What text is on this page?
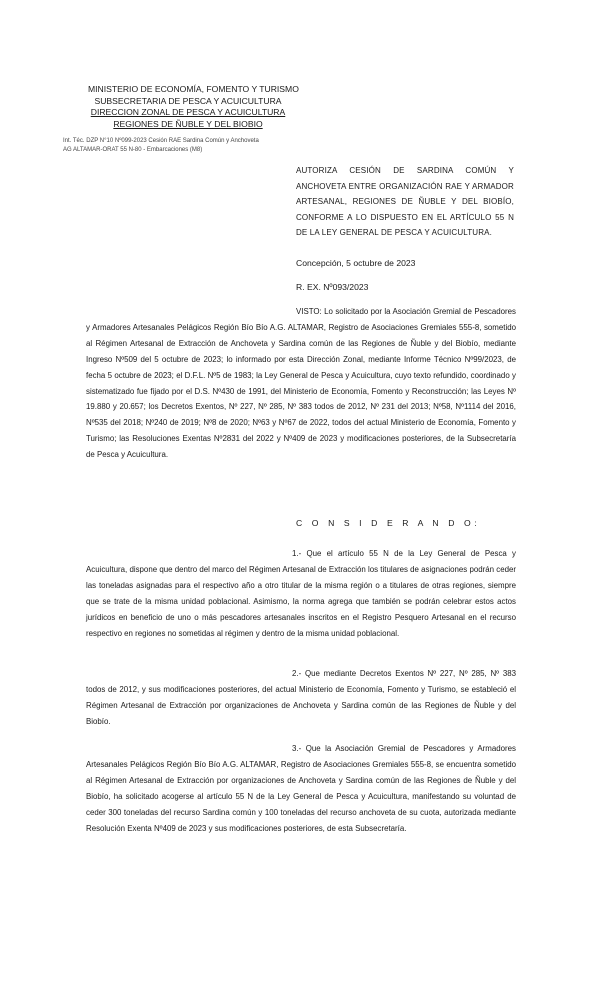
MINISTERIO DE ECONOMÍA, FOMENTO Y TURISMO
SUBSECRETARIA DE PESCA Y ACUICULTURA
DIRECCION ZONAL DE PESCA Y ACUICULTURA
REGIONES DE ÑUBLE Y DEL BIOBIO
Int. Téc. DZP N°10 Nº099-2023 Cesión RAE Sardina Común y Anchoveta
AG ALTAMAR-ORAT 55 N-80 - Embarcaciones (M8)
AUTORIZA CESIÓN DE SARDINA COMÚN Y ANCHOVETA ENTRE ORGANIZACIÓN RAE Y ARMADOR ARTESANAL, REGIONES DE ÑUBLE Y DEL BIOBÍO, CONFORME A LO DISPUESTO EN EL ARTÍCULO 55 N DE LA LEY GENERAL DE PESCA Y ACUICULTURA.
Concepción, 5 octubre de 2023
R. EX. Nº093/2023
VISTO: Lo solicitado por la Asociación Gremial de Pescadores y Armadores Artesanales Pelágicos Región Bío Bío A.G. ALTAMAR, Registro de Asociaciones Gremiales 555-8, sometido al Régimen Artesanal de Extracción de Anchoveta y Sardina común de las Regiones de Ñuble y del Biobío, mediante Ingreso Nº509 del 5 octubre de 2023; lo informado por esta Dirección Zonal, mediante Informe Técnico Nº99/2023, de fecha 5 octubre de 2023; el D.F.L. Nº5 de 1983; la Ley General de Pesca y Acuicultura, cuyo texto refundido, coordinado y sistematizado fue fijado por el D.S. Nº430 de 1991, del Ministerio de Economía, Fomento y Reconstrucción; las Leyes Nº 19.880 y 20.657; los Decretos Exentos, Nº 227, Nº 285, Nº 383 todos de 2012, Nº 231 del 2013; Nº58, Nº1114 del 2016, Nº535 del 2018; Nº240 de 2019; Nº8 de 2020; Nº63 y Nº67 de 2022, todos del actual Ministerio de Economía, Fomento y Turismo; las Resoluciones Exentas Nº2831 del 2022 y Nº409 de 2023 y modificaciones posteriores, de la Subsecretaría de Pesca y Acuicultura.
C O N S I D E R A N D O:
1.- Que el artículo 55 N de la Ley General de Pesca y Acuicultura, dispone que dentro del marco del Régimen Artesanal de Extracción los titulares de asignaciones podrán ceder las toneladas asignadas para el respectivo año a otro titular de la misma región o a titulares de otras regiones, siempre que se trate de la misma unidad poblacional. Asimismo, la norma agrega que también se podrán celebrar estos actos jurídicos en beneficio de uno o más pescadores artesanales inscritos en el Registro Pesquero Artesanal en el recurso respectivo en regiones no sometidas al régimen y dentro de la misma unidad poblacional.
2.- Que mediante Decretos Exentos Nº 227, Nº 285, Nº 383 todos de 2012, y sus modificaciones posteriores, del actual Ministerio de Economía, Fomento y Turismo, se estableció el Régimen Artesanal de Extracción por organizaciones de Anchoveta y Sardina común de las Regiones de Ñuble y del Biobío.
3.- Que la Asociación Gremial de Pescadores y Armadores Artesanales Pelágicos Región Bío Bío A.G. ALTAMAR, Registro de Asociaciones Gremiales 555-8, se encuentra sometido al Régimen Artesanal de Extracción por organizaciones de Anchoveta y Sardina común de las Regiones de Ñuble y del Biobío, ha solicitado acogerse al artículo 55 N de la Ley General de Pesca y Acuicultura, manifestando su voluntad de ceder 300 toneladas del recurso Sardina común y 100 toneladas del recurso anchoveta de su cuota, autorizada mediante Resolución Exenta Nº409 de 2023 y sus modificaciones posteriores, de esta Subsecretaría.
